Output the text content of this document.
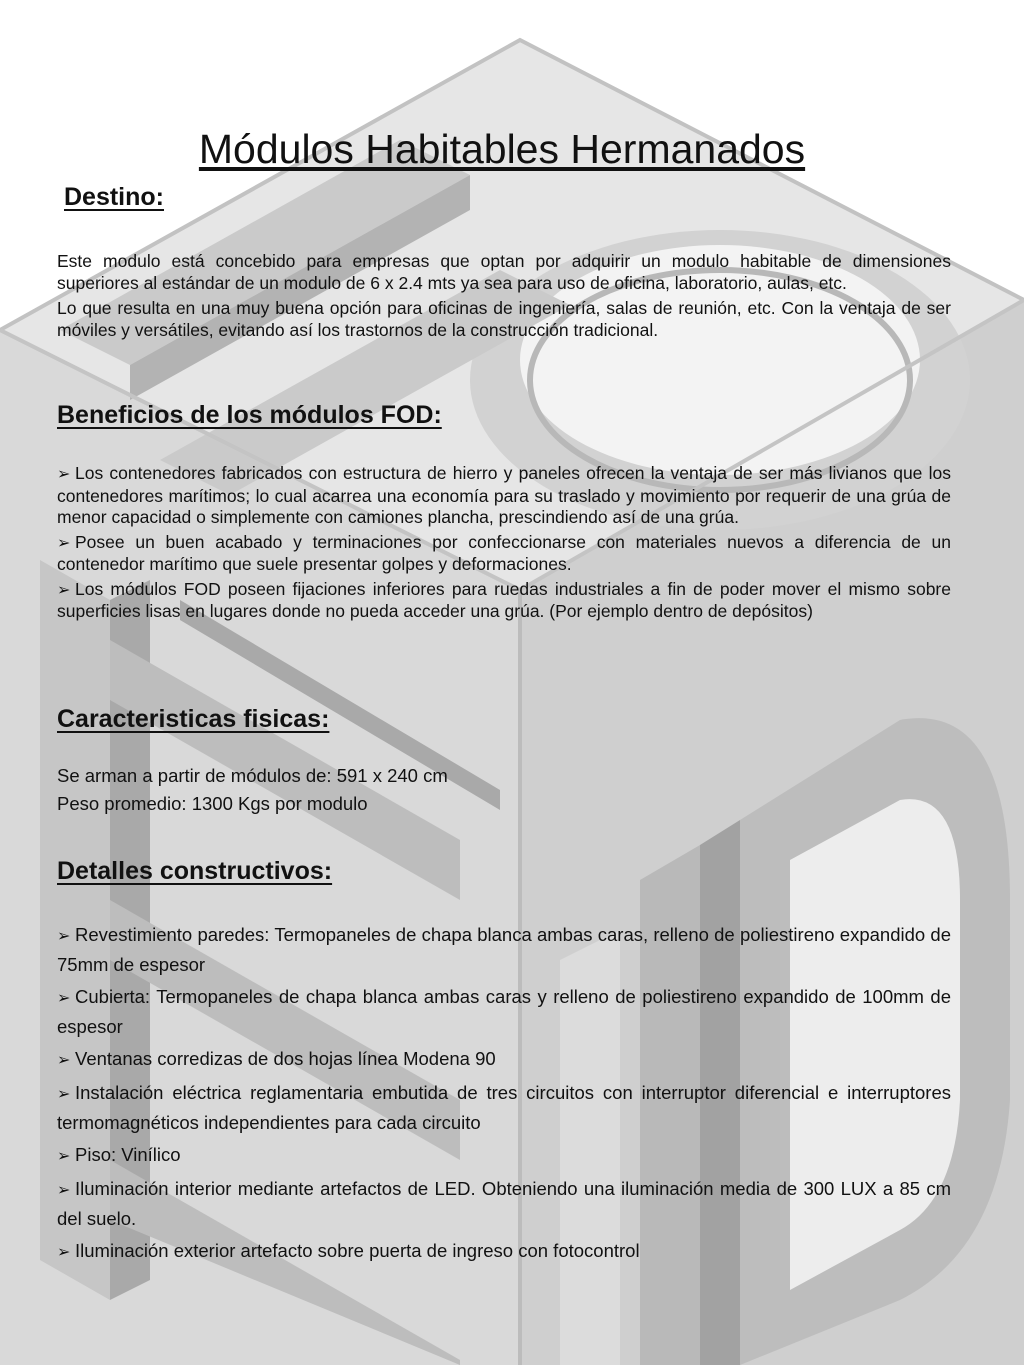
Módulos Habitables Hermanados
Destino:

Este modulo está concebido para empresas que optan por adquirir un modulo habitable de dimensiones superiores al estándar de un modulo de 6 x 2.4 mts ya sea para uso de oficina, laboratorio, aulas, etc.

Lo que resulta en una muy buena opción para oficinas de ingeniería, salas de reunión, etc. Con la ventaja de ser móviles y versátiles, evitando así los trastornos de la construcción tradicional.

Beneficios de los módulos FOD:

➢ Los contenedores fabricados con estructura de hierro y paneles ofrecen la ventaja de ser más livianos que los contenedores marítimos; lo cual acarrea una economía para su traslado y movimiento por requerir de una grúa de menor capacidad o simplemente con camiones plancha, prescindiendo así de una grúa.

➢ Posee un buen acabado y terminaciones por confeccionarse con materiales nuevos a diferencia de un contenedor marítimo que suele presentar golpes y deformaciones.

➢ Los módulos FOD poseen fijaciones inferiores para ruedas industriales a fin de poder mover el mismo sobre superficies lisas en lugares donde no pueda acceder una grúa. (Por ejemplo dentro de depósitos)

Caracteristicas fisicas:

Se arman a partir de módulos de: 591 x 240 cm

Peso promedio: 1300 Kgs por modulo

Detalles constructivos:

➢ Revestimiento paredes: Termopaneles de chapa blanca ambas caras, relleno de poliestireno expandido de 75mm de espesor

➢ Cubierta: Termopaneles de chapa blanca ambas caras y relleno de poliestireno expandido de 100mm de espesor

➢ Ventanas corredizas de dos hojas línea Modena 90

➢ Instalación eléctrica reglamentaria embutida de tres circuitos con interruptor diferencial e interruptores termomagnéticos independientes para cada circuito

➢ Piso: Vinílico

➢ Iluminación interior mediante artefactos de LED. Obteniendo una iluminación media de 300 LUX a 85 cm del suelo.

➢ Iluminación exterior artefacto sobre puerta de ingreso con fotocontrol
